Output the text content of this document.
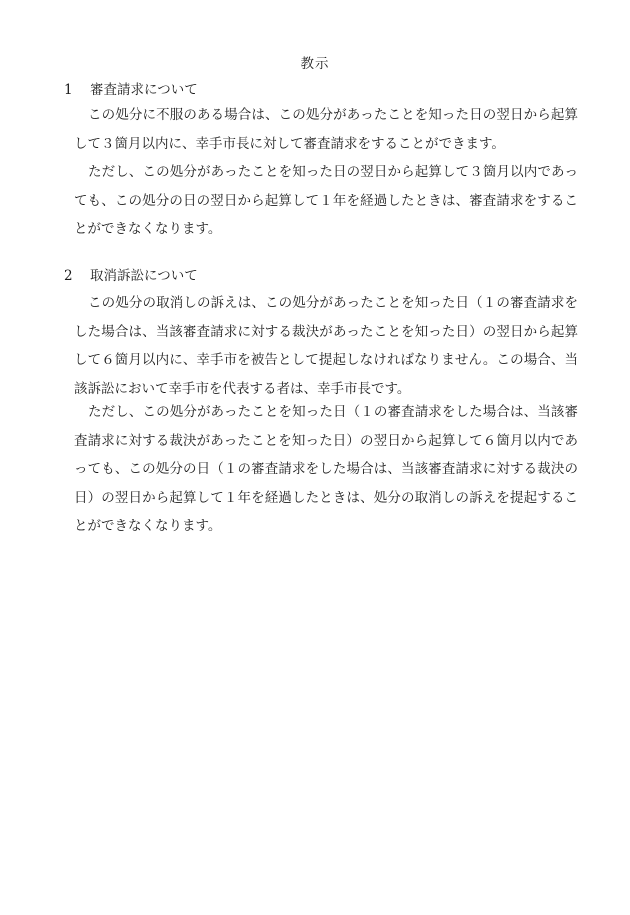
教示
1 審査請求について
この処分に不服のある場合は、この処分があったことを知った日の翌日から起算して３箇月以内に、幸手市長に対して審査請求をすることができます。
ただし、この処分があったことを知った日の翌日から起算して３箇月以内であっても、この処分の日の翌日から起算して１年を経過したときは、審査請求をすることができなくなります。
2 取消訴訟について
この処分の取消しの訴えは、この処分があったことを知った日（１の審査請求をした場合は、当該審査請求に対する裁決があったことを知った日）の翌日から起算して６箇月以内に、幸手市を被告として提起しなければなりません。この場合、当該訴訟において幸手市を代表する者は、幸手市長です。
ただし、この処分があったことを知った日（１の審査請求をした場合は、当該審査請求に対する裁決があったことを知った日）の翌日から起算して６箇月以内であっても、この処分の日（１の審査請求をした場合は、当該審査請求に対する裁決の日）の翌日から起算して１年を経過したときは、処分の取消しの訴えを提起することができなくなります。
